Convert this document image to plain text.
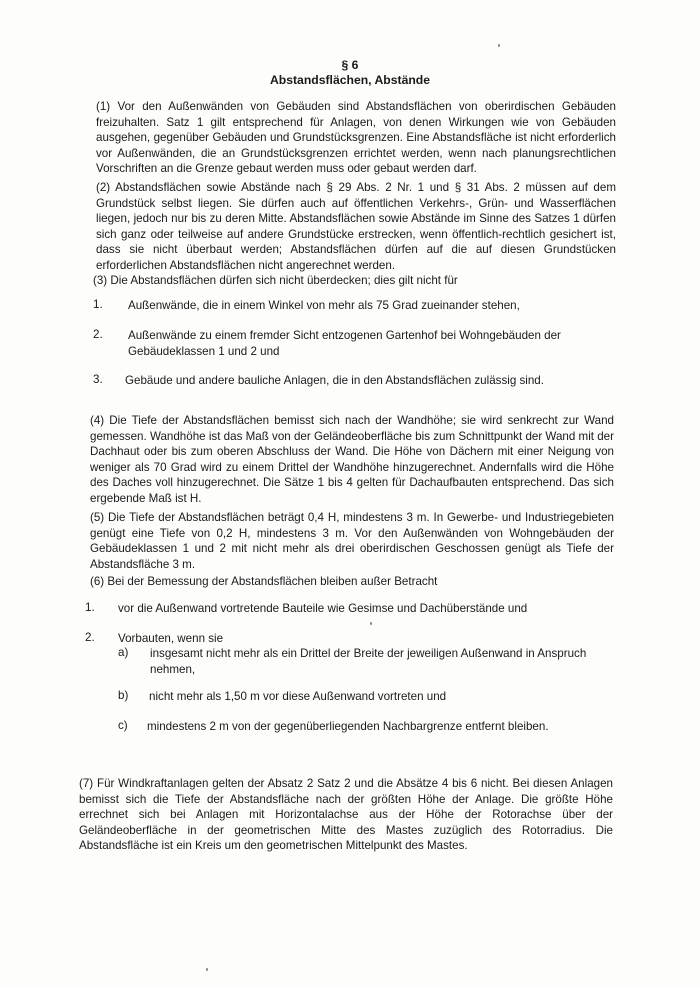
§ 6
Abstandsflächen, Abstände

(1) Vor den Außenwänden von Gebäuden sind Abstandsflächen von oberirdischen Gebäuden freizuhalten. Satz 1 gilt entsprechend für Anlagen, von denen Wirkungen wie von Gebäuden ausgehen, gegenüber Gebäuden und Grundstücksgrenzen. Eine Abstandsfläche ist nicht erforderlich vor Außenwänden, die an Grundstücksgrenzen errichtet werden, wenn nach planungsrechtlichen Vorschriften an die Grenze gebaut werden muss oder gebaut werden darf.

(2) Abstandsflächen sowie Abstände nach § 29 Abs. 2 Nr. 1 und § 31 Abs. 2 müssen auf dem Grundstück selbst liegen. Sie dürfen auch auf öffentlichen Verkehrs-, Grün- und Wasserflächen liegen, jedoch nur bis zu deren Mitte. Abstandsflächen sowie Abstände im Sinne des Satzes 1 dürfen sich ganz oder teilweise auf andere Grundstücke erstrecken, wenn öffentlich-rechtlich gesichert ist, dass sie nicht überbaut werden; Abstandsflächen dürfen auf die auf diesen Grundstücken erforderlichen Abstandsflächen nicht angerechnet werden.

(3) Die Abstandsflächen dürfen sich nicht überdecken; dies gilt nicht für

1. Außenwände, die in einem Winkel von mehr als 75 Grad zueinander stehen,

2. Außenwände zu einem fremder Sicht entzogenen Gartenhof bei Wohngebäuden der Gebäudeklassen 1 und 2 und

3. Gebäude und andere bauliche Anlagen, die in den Abstandsflächen zulässig sind.

(4) Die Tiefe der Abstandsflächen bemisst sich nach der Wandhöhe; sie wird senkrecht zur Wand gemessen. Wandhöhe ist das Maß von der Geländeoberfläche bis zum Schnittpunkt der Wand mit der Dachhaut oder bis zum oberen Abschluss der Wand. Die Höhe von Dächern mit einer Neigung von weniger als 70 Grad wird zu einem Drittel der Wandhöhe hinzugerechnet. Andernfalls wird die Höhe des Daches voll hinzugerechnet. Die Sätze 1 bis 4 gelten für Dachaufbauten entsprechend. Das sich ergebende Maß ist H.

(5) Die Tiefe der Abstandsflächen beträgt 0,4 H, mindestens 3 m. In Gewerbe- und Industriegebieten genügt eine Tiefe von 0,2 H, mindestens 3 m. Vor den Außenwänden von Wohngebäuden der Gebäudeklassen 1 und 2 mit nicht mehr als drei oberirdischen Geschossen genügt als Tiefe der Abstandsfläche 3 m.

(6) Bei der Bemessung der Abstandsflächen bleiben außer Betracht

1. vor die Außenwand vortretende Bauteile wie Gesimse und Dachüberstände und

2. Vorbauten, wenn sie

a) insgesamt nicht mehr als ein Drittel der Breite der jeweiligen Außenwand in Anspruch nehmen,

b) nicht mehr als 1,50 m vor diese Außenwand vortreten und

c) mindestens 2 m von der gegenüberliegenden Nachbargrenze entfernt bleiben.

(7) Für Windkraftanlagen gelten der Absatz 2 Satz 2 und die Absätze 4 bis 6 nicht. Bei diesen Anlagen bemisst sich die Tiefe der Abstandsfläche nach der größten Höhe der Anlage. Die größte Höhe errechnet sich bei Anlagen mit Horizontalachse aus der Höhe der Rotorachse über der Geländeoberfläche in der geometrischen Mitte des Mastes zuzüglich des Rotorradius. Die Abstandsfläche ist ein Kreis um den geometrischen Mittelpunkt des Mastes.
